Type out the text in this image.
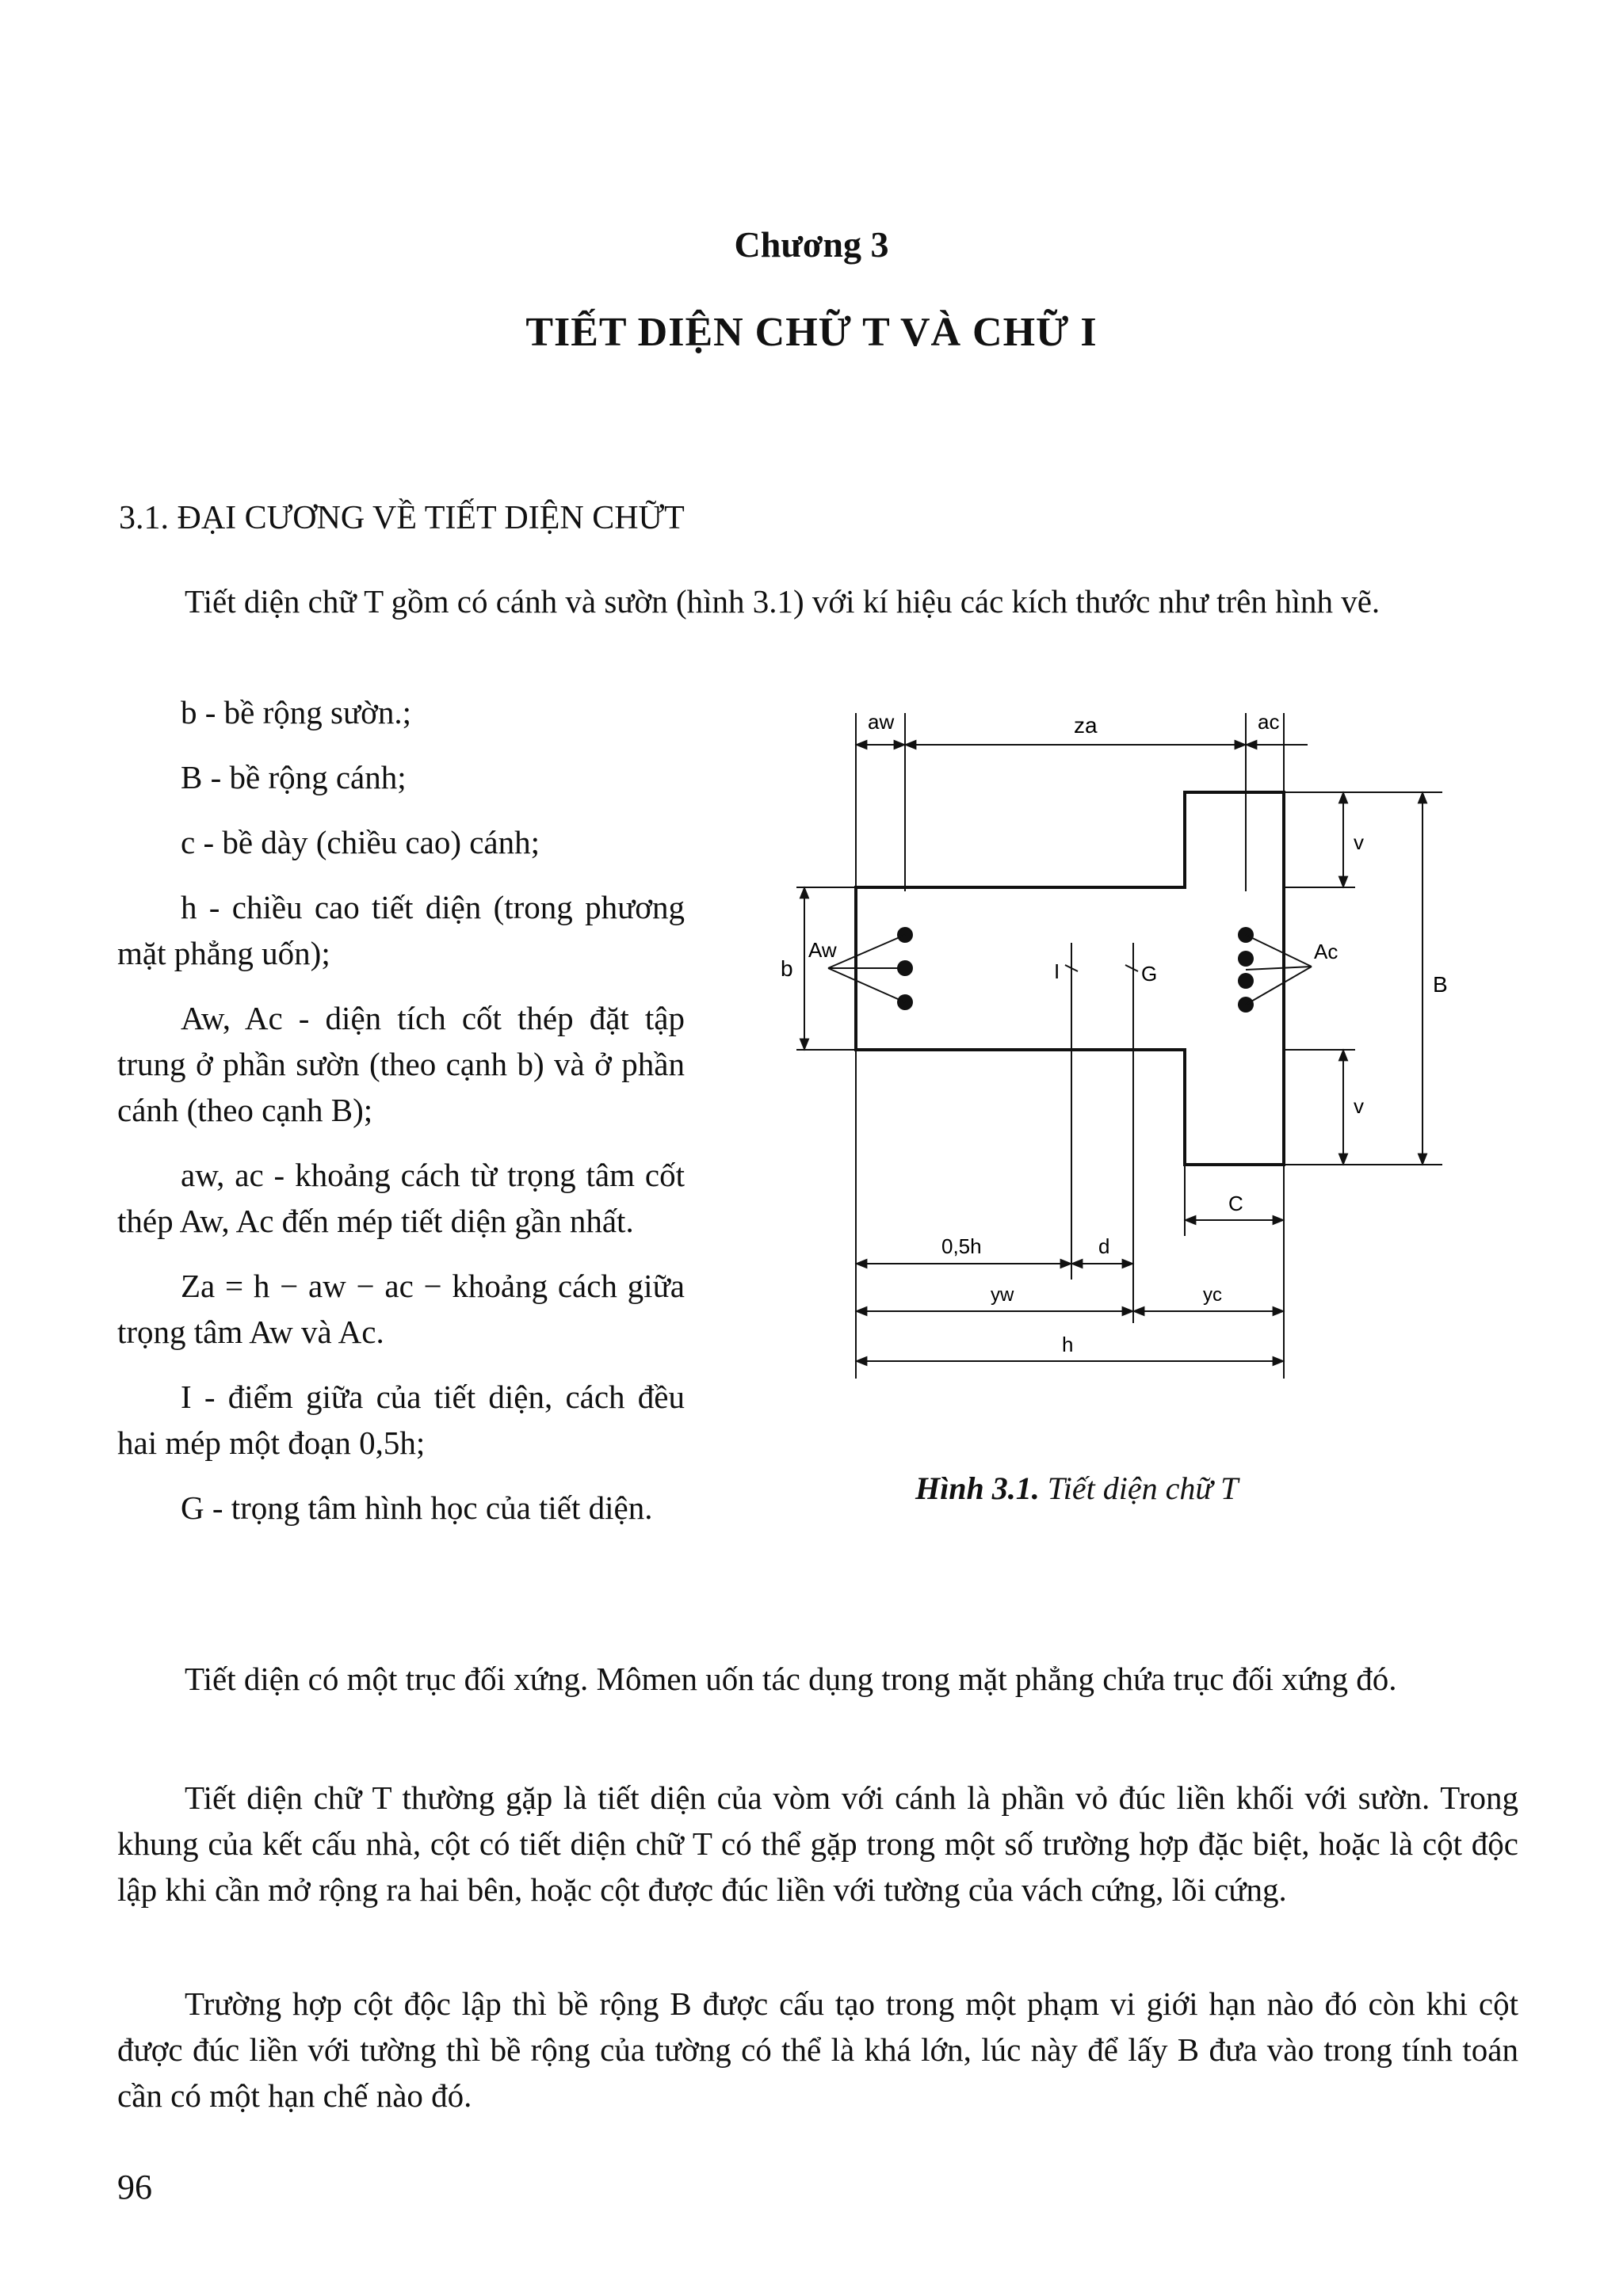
Chương 3
TIẾT DIỆN CHỮ T VÀ CHỮ I
3.1. ĐẠI CƯƠNG VỀ TIẾT DIỆN CHỮT
Tiết diện chữ T gồm có cánh và sườn (hình 3.1) với kí hiệu các kích thước như trên hình vẽ.

b - bề rộng sườn.;

B - bề rộng cánh;

c - bề dày (chiều cao) cánh;

h - chiều cao tiết diện (trong phương mặt phẳng uốn);

Aw, Ac - diện tích cốt thép đặt tập trung ở phần sườn (theo cạnh b) và ở phần cánh (theo cạnh B);

aw, ac - khoảng cách từ trọng tâm cốt thép Aw, Ac đến mép tiết diện gần nhất.

Za = h − aw − ac − khoảng cách giữa trọng tâm Aw và Ac.

I - điểm giữa của tiết diện, cách đều hai mép một đoạn 0,5h;

G - trọng tâm hình học của tiết diện.

aw	za	ac
v
v
B
b
Aw	Ac
I	G
C
0,5h	d
yw	yc
h
Hình 3.1. Tiết diện chữ T
Tiết diện có một trục đối xứng. Mômen uốn tác dụng trong mặt phẳng chứa trục đối xứng đó.
Tiết diện chữ T thường gặp là tiết diện của vòm với cánh là phần vỏ đúc liền khối với sườn. Trong khung của kết cấu nhà, cột có tiết diện chữ T có thể gặp trong một số trường hợp đặc biệt, hoặc là cột độc lập khi cần mở rộng ra hai bên, hoặc cột được đúc liền với tường của vách cứng, lõi cứng.
Trường hợp cột độc lập thì bề rộng B được cấu tạo trong một phạm vi giới hạn nào đó còn khi cột được đúc liền với tường thì bề rộng của tường có thể là khá lớn, lúc này để lấy B đưa vào trong tính toán cần có một hạn chế nào đó.
96
